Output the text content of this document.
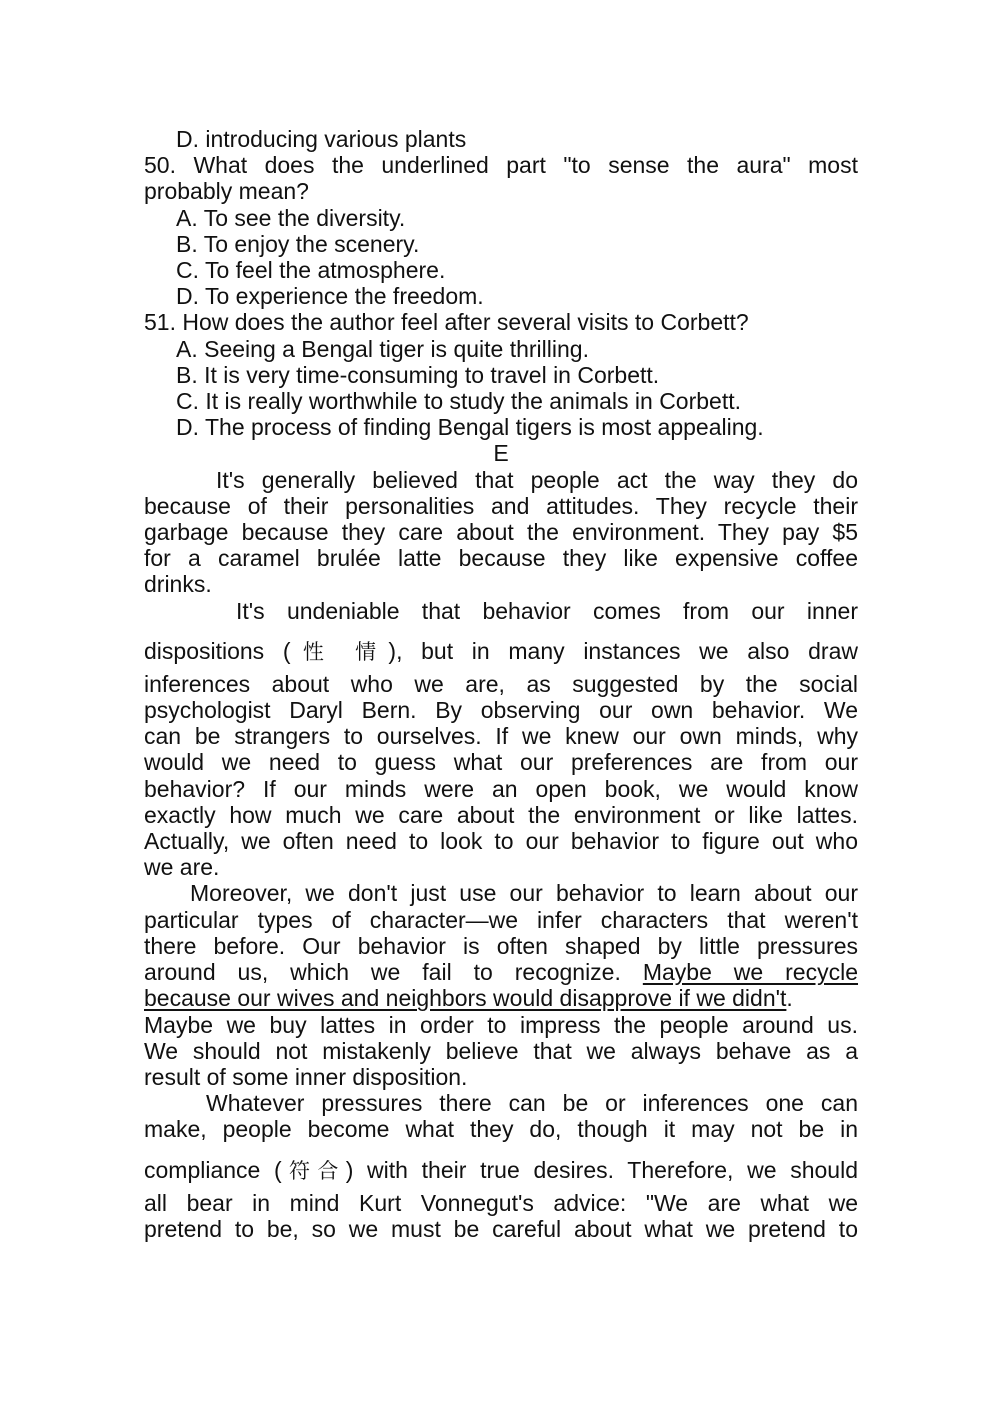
D. introducing various plants
50. What does the underlined part "to sense the aura" most
probably mean?
A. To see the diversity.
B. To enjoy the scenery.
C. To feel the atmosphere.
D. To experience the freedom.
51. How does the author feel after several visits to Corbett?
A. Seeing a Bengal tiger is quite thrilling.
B. It is very time-consuming to travel in Corbett.
C. It is really worthwhile to study the animals in Corbett.
D. The process of finding Bengal tigers is most appealing.
E
It's generally believed that people act the way they do
because of their personalities and attitudes. They recycle their
garbage because they care about the environment. They pay $5
for a caramel brulée latte because they like expensive coffee
drinks.
It's undeniable that behavior comes from our inner
dispositions (性 情), but in many instances we also draw
inferences about who we are, as suggested by the social
psychologist Daryl Bern. By observing our own behavior. We
can be strangers to ourselves. If we knew our own minds, why
would we need to guess what our preferences are from our
behavior? If our minds were an open book, we would know
exactly how much we care about the environment or like lattes.
Actually, we often need to look to our behavior to figure out who
we are.
Moreover, we don't just use our behavior to learn about our
particular types of character—we infer characters that weren't
there before. Our behavior is often shaped by little pressures
around us, which we fail to recognize. Maybe we recycle
because our wives and neighbors would disapprove if we didn't.
Maybe we buy lattes in order to impress the people around us.
We should not mistakenly believe that we always behave as a
result of some inner disposition.
Whatever pressures there can be or inferences one can
make, people become what they do, though it may not be in
compliance (符合) with their true desires. Therefore, we should
all bear in mind Kurt Vonnegut's advice: "We are what we
pretend to be, so we must be careful about what we pretend to
